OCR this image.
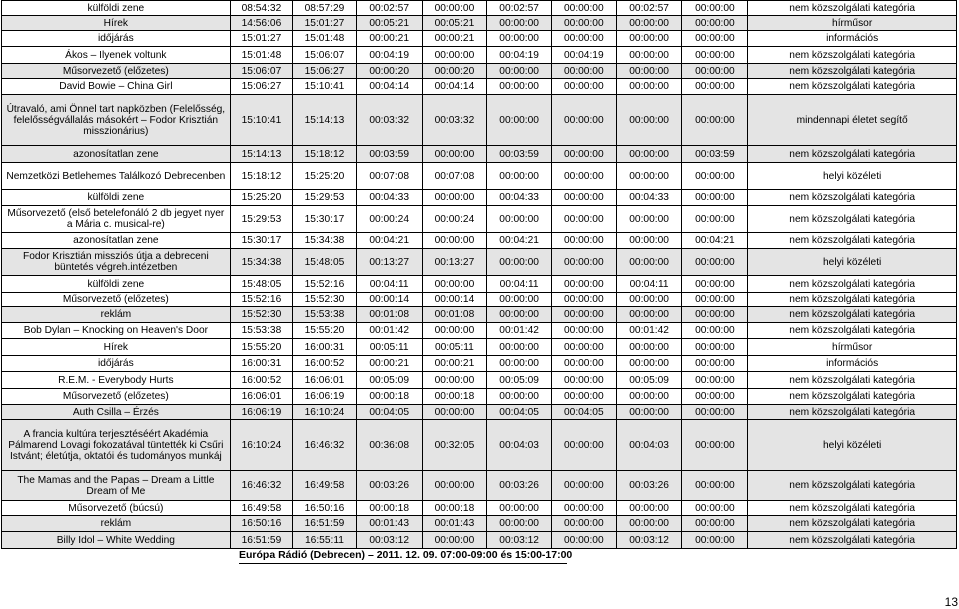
külföldi zene	08:54:32	08:57:29	00:02:57	00:00:00	00:02:57	00:00:00	00:02:57	00:00:00	nem közszolgálati kategória
Hírek	14:56:06	15:01:27	00:05:21	00:05:21	00:00:00	00:00:00	00:00:00	00:00:00	hírműsor
időjárás	15:01:27	15:01:48	00:00:21	00:00:21	00:00:00	00:00:00	00:00:00	00:00:00	információs
Ákos – Ilyenek voltunk	15:01:48	15:06:07	00:04:19	00:00:00	00:04:19	00:04:19	00:00:00	00:00:00	nem közszolgálati kategória
Műsorvezető (előzetes)	15:06:07	15:06:27	00:00:20	00:00:20	00:00:00	00:00:00	00:00:00	00:00:00	nem közszolgálati kategória
David Bowie – China Girl	15:06:27	15:10:41	00:04:14	00:04:14	00:00:00	00:00:00	00:00:00	00:00:00	nem közszolgálati kategória
Útravaló, ami Önnel tart napközben (Felelősség, felelősségvállalás másokért – Fodor Krisztián misszionárius)	15:10:41	15:14:13	00:03:32	00:03:32	00:00:00	00:00:00	00:00:00	00:00:00	mindennapi életet segítő
azonosítatlan zene	15:14:13	15:18:12	00:03:59	00:00:00	00:03:59	00:00:00	00:00:00	00:03:59	nem közszolgálati kategória
Nemzetközi Betlehemes Találkozó Debrecenben	15:18:12	15:25:20	00:07:08	00:07:08	00:00:00	00:00:00	00:00:00	00:00:00	helyi közéleti
külföldi zene	15:25:20	15:29:53	00:04:33	00:00:00	00:04:33	00:00:00	00:04:33	00:00:00	nem közszolgálati kategória
Műsorvezető (első betelefonáló 2 db jegyet nyer a Mária c. musical-re)	15:29:53	15:30:17	00:00:24	00:00:24	00:00:00	00:00:00	00:00:00	00:00:00	nem közszolgálati kategória
azonosítatlan zene	15:30:17	15:34:38	00:04:21	00:00:00	00:04:21	00:00:00	00:00:00	00:04:21	nem közszolgálati kategória
Fodor Krisztián missziós útja a debreceni büntetés végreh.intézetben	15:34:38	15:48:05	00:13:27	00:13:27	00:00:00	00:00:00	00:00:00	00:00:00	helyi közéleti
külföldi zene	15:48:05	15:52:16	00:04:11	00:00:00	00:04:11	00:00:00	00:04:11	00:00:00	nem közszolgálati kategória
Műsorvezető (előzetes)	15:52:16	15:52:30	00:00:14	00:00:14	00:00:00	00:00:00	00:00:00	00:00:00	nem közszolgálati kategória
reklám	15:52:30	15:53:38	00:01:08	00:01:08	00:00:00	00:00:00	00:00:00	00:00:00	nem közszolgálati kategória
Bob Dylan – Knocking on Heaven's Door	15:53:38	15:55:20	00:01:42	00:00:00	00:01:42	00:00:00	00:01:42	00:00:00	nem közszolgálati kategória
Hírek	15:55:20	16:00:31	00:05:11	00:05:11	00:00:00	00:00:00	00:00:00	00:00:00	hírműsor
időjárás	16:00:31	16:00:52	00:00:21	00:00:21	00:00:00	00:00:00	00:00:00	00:00:00	információs
R.E.M. - Everybody Hurts	16:00:52	16:06:01	00:05:09	00:00:00	00:05:09	00:00:00	00:05:09	00:00:00	nem közszolgálati kategória
Műsorvezető (előzetes)	16:06:01	16:06:19	00:00:18	00:00:18	00:00:00	00:00:00	00:00:00	00:00:00	nem közszolgálati kategória
Auth Csilla – Érzés	16:06:19	16:10:24	00:04:05	00:00:00	00:04:05	00:04:05	00:00:00	00:00:00	nem közszolgálati kategória
A francia kultúra terjesztéséért Akadémia Pálmarend Lovagi fokozatával tüntették ki Csűri Istvánt; életútja, oktatói és tudományos munkáj	16:10:24	16:46:32	00:36:08	00:32:05	00:04:03	00:00:00	00:04:03	00:00:00	helyi közéleti
The Mamas and the Papas – Dream a Little Dream of Me	16:46:32	16:49:58	00:03:26	00:00:00	00:03:26	00:00:00	00:03:26	00:00:00	nem közszolgálati kategória
Műsorvezető (búcsú)	16:49:58	16:50:16	00:00:18	00:00:18	00:00:00	00:00:00	00:00:00	00:00:00	nem közszolgálati kategória
reklám	16:50:16	16:51:59	00:01:43	00:01:43	00:00:00	00:00:00	00:00:00	00:00:00	nem közszolgálati kategória
Billy Idol – White Wedding	16:51:59	16:55:11	00:03:12	00:00:00	00:03:12	00:00:00	00:03:12	00:00:00	nem közszolgálati kategória
Európa Rádió (Debrecen) – 2011. 12. 09. 07:00-09:00 és 15:00-17:00
13
